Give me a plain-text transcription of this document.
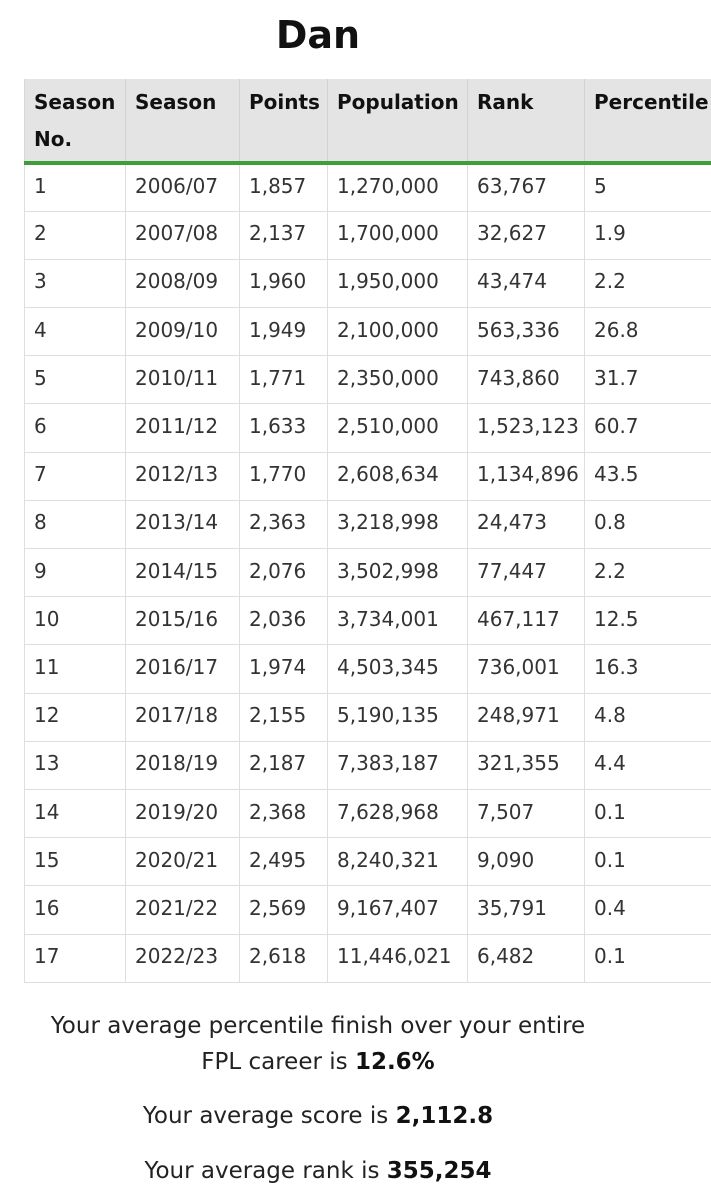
Dan
Season No.	Season	Points	Population	Rank	Percentile
1	2006/07	1,857	1,270,000	63,767	5
2	2007/08	2,137	1,700,000	32,627	1.9
3	2008/09	1,960	1,950,000	43,474	2.2
4	2009/10	1,949	2,100,000	563,336	26.8
5	2010/11	1,771	2,350,000	743,860	31.7
6	2011/12	1,633	2,510,000	1,523,123	60.7
7	2012/13	1,770	2,608,634	1,134,896	43.5
8	2013/14	2,363	3,218,998	24,473	0.8
9	2014/15	2,076	3,502,998	77,447	2.2
10	2015/16	2,036	3,734,001	467,117	12.5
11	2016/17	1,974	4,503,345	736,001	16.3
12	2017/18	2,155	5,190,135	248,971	4.8
13	2018/19	2,187	7,383,187	321,355	4.4
14	2019/20	2,368	7,628,968	7,507	0.1
15	2020/21	2,495	8,240,321	9,090	0.1
16	2021/22	2,569	9,167,407	35,791	0.4
17	2022/23	2,618	11,446,021	6,482	0.1
Your average percentile finish over your entire
FPL career is 12.6%
Your average score is 2,112.8
Your average rank is 355,254
